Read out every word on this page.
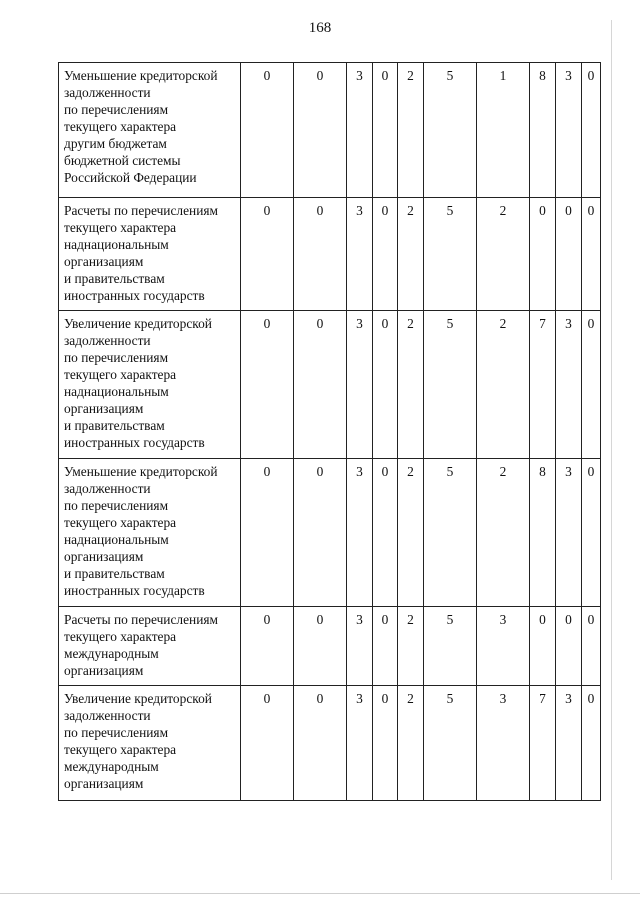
168
Уменьшение кредиторской
задолженности
по перечислениям
текущего характера
другим бюджетам
бюджетной системы
Российской Федерации
0	0	3	0	2	5	1	8	3	0
Расчеты по перечислениям
текущего характера
наднациональным
организациям
и правительствам
иностранных государств
0	0	3	0	2	5	2	0	0	0
Увеличение кредиторской
задолженности
по перечислениям
текущего характера
наднациональным
организациям
и правительствам
иностранных государств
0	0	3	0	2	5	2	7	3	0
Уменьшение кредиторской
задолженности
по перечислениям
текущего характера
наднациональным
организациям
и правительствам
иностранных государств
0	0	3	0	2	5	2	8	3	0
Расчеты по перечислениям
текущего характера
международным
организациям
0	0	3	0	2	5	3	0	0	0
Увеличение кредиторской
задолженности
по перечислениям
текущего характера
международным
организациям
0	0	3	0	2	5	3	7	3	0
